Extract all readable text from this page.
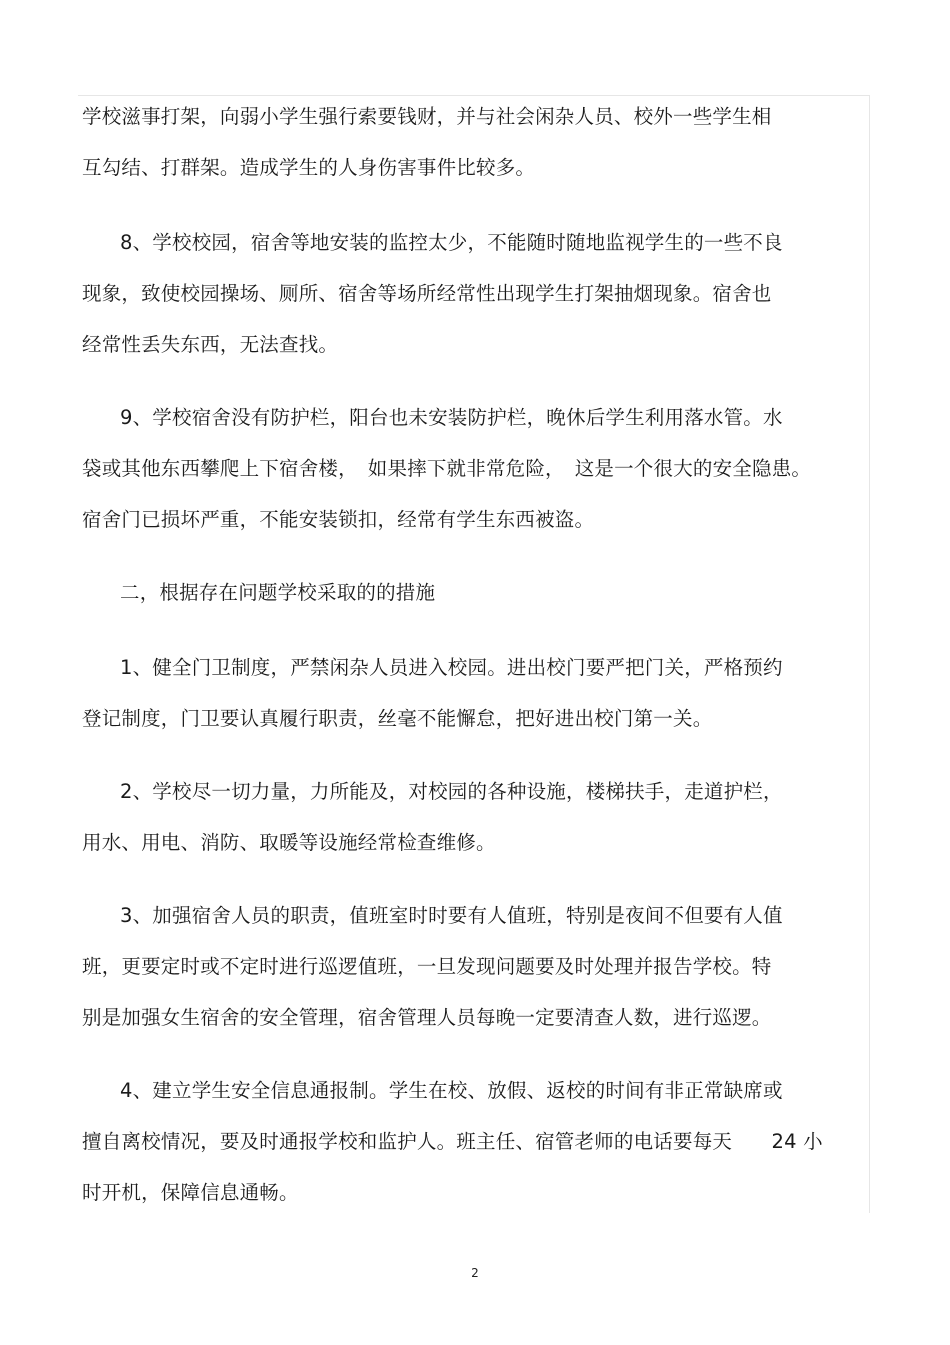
学校滋事打架，向弱小学生强行索要钱财，并与社会闲杂人员、校外一些学生相
互勾结、打群架。造成学生的人身伤害事件比较多。
8、学校校园，宿舍等地安装的监控太少，不能随时随地监视学生的一些不良
现象，致使校园操场、厕所、宿舍等场所经常性出现学生打架抽烟现象。宿舍也
经常性丢失东西，无法查找。
9、学校宿舍没有防护栏，阳台也未安装防护栏，晚休后学生利用落水管。水
袋或其他东西攀爬上下宿舍楼，　如果摔下就非常危险，　这是一个很大的安全隐患。
宿舍门已损坏严重，不能安装锁扣，经常有学生东西被盗。
二，根据存在问题学校采取的的措施
1、健全门卫制度，严禁闲杂人员进入校园。进出校门要严把门关，严格预约
登记制度，门卫要认真履行职责，丝毫不能懈怠，把好进出校门第一关。
2、学校尽一切力量，力所能及，对校园的各种设施，楼梯扶手，走道护栏，
用水、用电、消防、取暖等设施经常检查维修。
3、加强宿舍人员的职责，值班室时时要有人值班，特别是夜间不但要有人值
班，更要定时或不定时进行巡逻值班，一旦发现问题要及时处理并报告学校。特
别是加强女生宿舍的安全管理，宿舍管理人员每晚一定要清查人数，进行巡逻。
4、建立学生安全信息通报制。学生在校、放假、返校的时间有非正常缺席或
擅自离校情况，要及时通报学校和监护人。班主任、宿管老师的电话要每天　　24 小
时开机，保障信息通畅。
2
